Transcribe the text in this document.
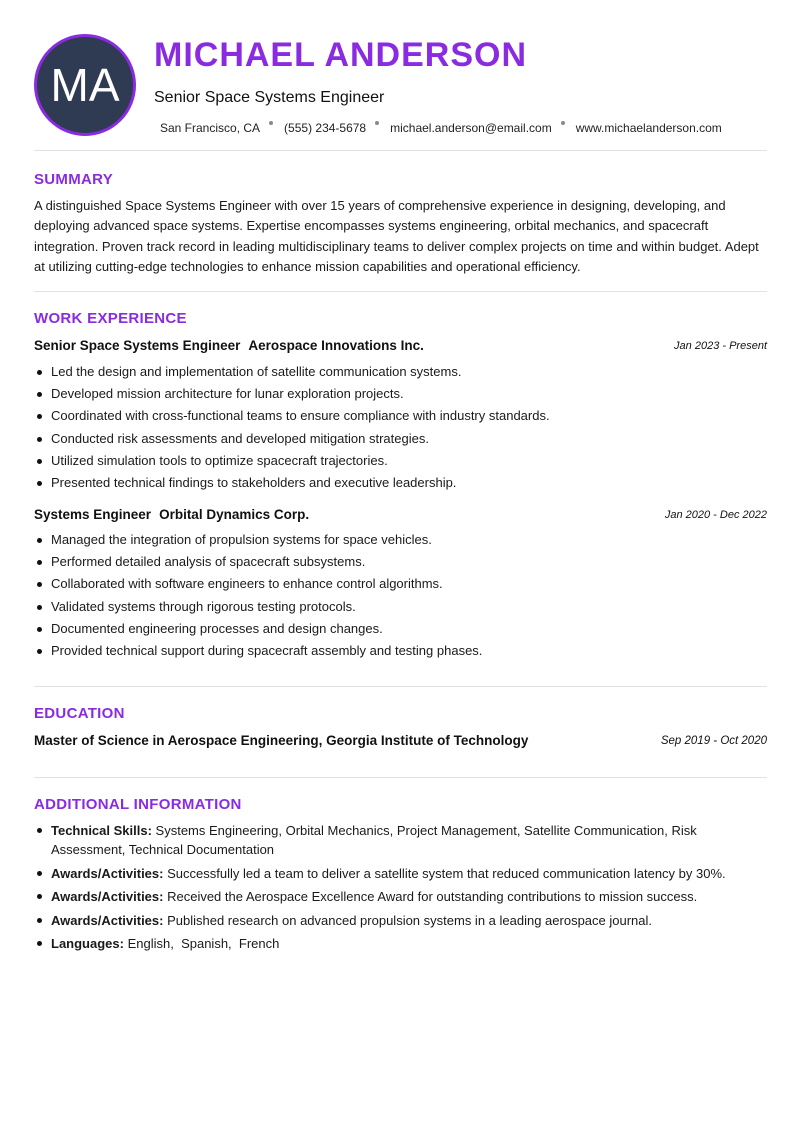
MA
MICHAEL ANDERSON
Senior Space Systems Engineer
San Francisco, CA (555) 234-5678 michael.anderson@email.com www.michaelanderson.com
SUMMARY
A distinguished Space Systems Engineer with over 15 years of comprehensive experience in designing, developing, and deploying advanced space systems. Expertise encompasses systems engineering, orbital mechanics, and spacecraft integration. Proven track record in leading multidisciplinary teams to deliver complex projects on time and within budget. Adept at utilizing cutting-edge technologies to enhance mission capabilities and operational efficiency.
WORK EXPERIENCE
Senior Space Systems Engineer Aerospace Innovations Inc.	Jan 2023 - Present
Led the design and implementation of satellite communication systems.
Developed mission architecture for lunar exploration projects.
Coordinated with cross-functional teams to ensure compliance with industry standards.
Conducted risk assessments and developed mitigation strategies.
Utilized simulation tools to optimize spacecraft trajectories.
Presented technical findings to stakeholders and executive leadership.
Systems Engineer Orbital Dynamics Corp.	Jan 2020 - Dec 2022
Managed the integration of propulsion systems for space vehicles.
Performed detailed analysis of spacecraft subsystems.
Collaborated with software engineers to enhance control algorithms.
Validated systems through rigorous testing protocols.
Documented engineering processes and design changes.
Provided technical support during spacecraft assembly and testing phases.
EDUCATION
Master of Science in Aerospace Engineering, Georgia Institute of Technology	Sep 2019 - Oct 2020
ADDITIONAL INFORMATION
Technical Skills: Systems Engineering, Orbital Mechanics, Project Management, Satellite Communication, Risk Assessment, Technical Documentation
Awards/Activities: Successfully led a team to deliver a satellite system that reduced communication latency by 30%.
Awards/Activities: Received the Aerospace Excellence Award for outstanding contributions to mission success.
Awards/Activities: Published research on advanced propulsion systems in a leading aerospace journal.
Languages: English,  Spanish,  French
